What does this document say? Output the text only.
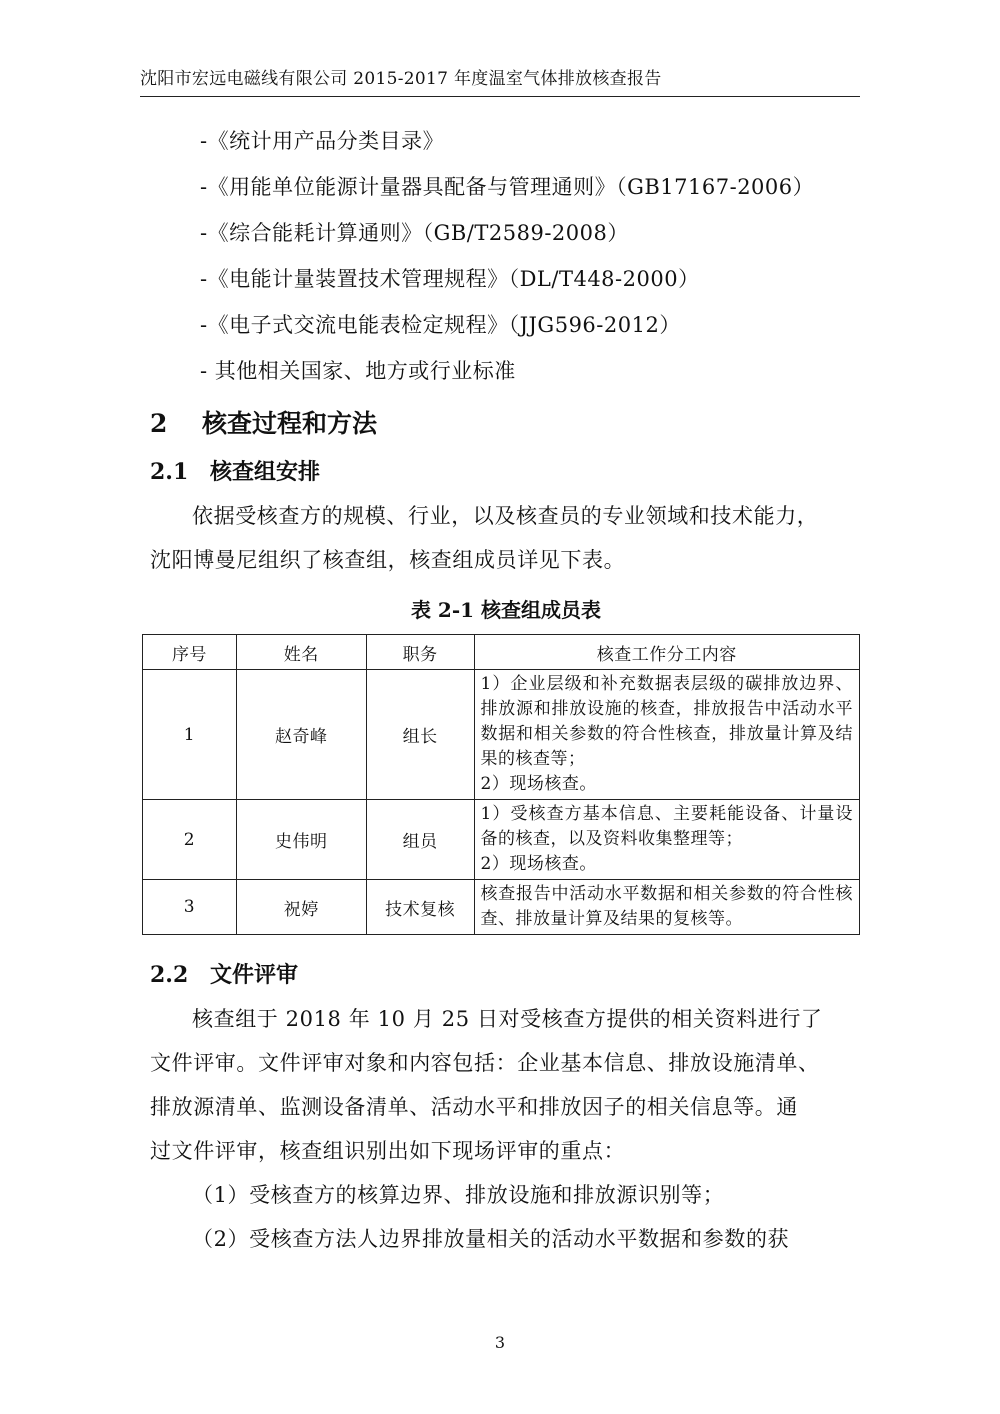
沈阳市宏远电磁线有限公司 2015-2017 年度温室气体排放核查报告
-《统计用产品分类目录》
-《用能单位能源计量器具配备与管理通则》（GB17167-2006）
-《综合能耗计算通则》（GB/T2589-2008）
-《电能计量装置技术管理规程》（DL/T448-2000）
-《电子式交流电能表检定规程》（JJG596-2012）
- 其他相关国家、地方或行业标准
2 核查过程和方法
2.1 核查组安排
依据受核查方的规模、行业，以及核查员的专业领域和技术能力，
沈阳博曼尼组织了核查组，核查组成员详见下表。
表 2-1 核查组成员表
序号	姓名	职务	核查工作分工内容
1	赵奇峰	组长	1）企业层级和补充数据表层级的碳排放边界、排放源和排放设施的核查，排放报告中活动水平数据和相关参数的符合性核查，排放量计算及结果的核查等；
2）现场核查。

2	史伟明	组员	1）受核查方基本信息、主要耗能设备、计量设备的核查，以及资料收集整理等；
2）现场核查。

3	祝婷	技术复核	核查报告中活动水平数据和相关参数的符合性核查、排放量计算及结果的复核等。
2.2 文件评审
核查组于 2018 年 10 月 25 日对受核查方提供的相关资料进行了
文件评审。文件评审对象和内容包括：企业基本信息、排放设施清单、
排放源清单、监测设备清单、活动水平和排放因子的相关信息等。通
过文件评审，核查组识别出如下现场评审的重点：
（1）受核查方的核算边界、排放设施和排放源识别等；
（2）受核查方法人边界排放量相关的活动水平数据和参数的获
3
